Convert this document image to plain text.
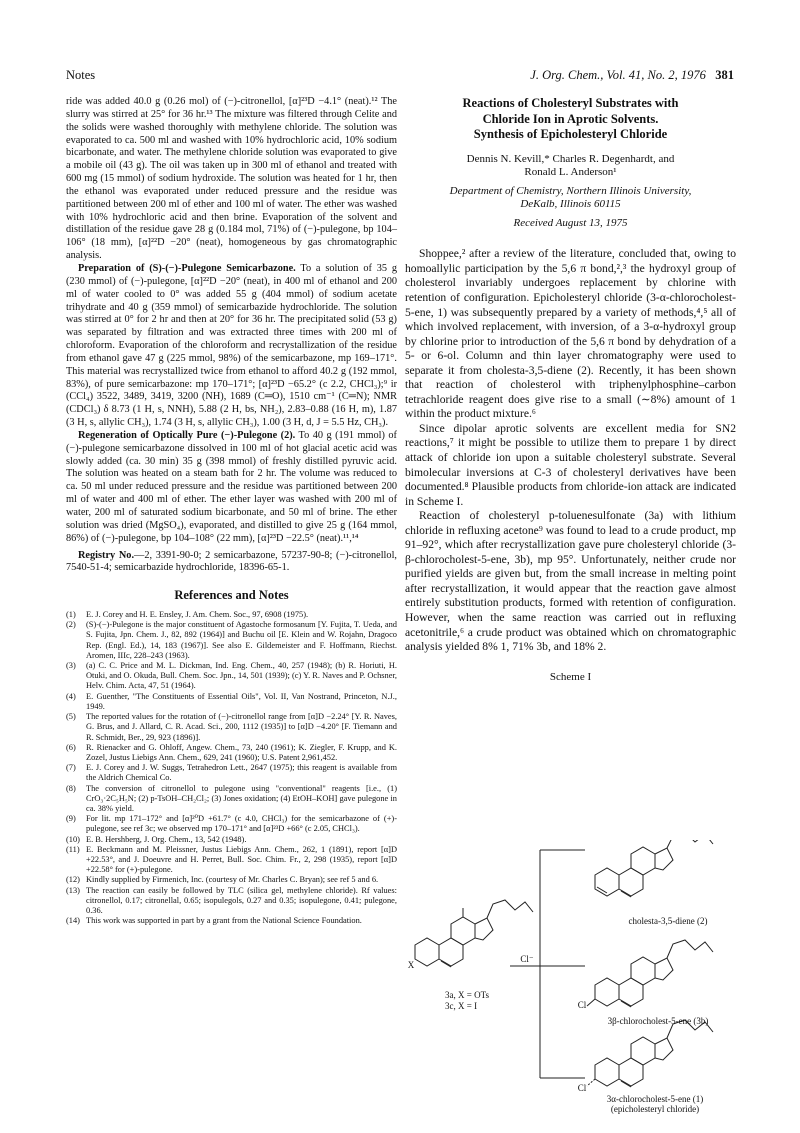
Notes	J. Org. Chem., Vol. 41, No. 2, 1976 381

ride was added 40.0 g (0.26 mol) of (−)-citronellol, [α]²³D −4.1° (neat).¹² The slurry was stirred at 25° for 36 hr.¹³ The mixture was filtered through Celite and the solids were washed thoroughly with methylene chloride. The solution was evaporated to ca. 500 ml and washed with 10% hydrochloric acid, 10% sodium bicarbonate, and water. The methylene chloride solution was evaporated to give a mobile oil (43 g). The oil was taken up in 300 ml of ethanol and treated with 600 mg (15 mmol) of sodium hydroxide. The solution was heated for 1 hr, then the ethanol was evaporated under reduced pressure and the residue was partitioned between 200 ml of ether and 100 ml of water. The ether was washed with 10% hydrochloric acid and then brine. Evaporation of the solvent and distillation of the residue gave 28 g (0.184 mol, 71%) of (−)-pulegone, bp 104–106° (18 mm), [α]²²D −20° (neat), homogeneous by gas chromatographic analysis.

Preparation of (S)-(−)-Pulegone Semicarbazone. To a solution of 35 g (230 mmol) of (−)-pulegone, [α]²²D −20° (neat), in 400 ml of ethanol and 200 ml of water cooled to 0° was added 55 g (404 mmol) of sodium acetate trihydrate and 40 g (359 mmol) of semicarbazide hydrochloride. The solution was stirred at 0° for 2 hr and then at 20° for 36 hr. The precipitated solid (53 g) was separated by filtration and was extracted three times with 200 ml of chloroform. Evaporation of the chloroform and recrystallization of the residue from ethanol gave 47 g (225 mmol, 98%) of the semicarbazone, mp 169–171°. This material was recrystallized twice from ethanol to afford 40.2 g (192 mmol, 83%), of pure semicarbazone: mp 170–171°; [α]²³D −65.2° (c 2.2, CHCl₃);⁹ ir (CCl₄) 3522, 3489, 3419, 3200 (NH), 1689 (C═O), 1510 cm⁻¹ (C═N); NMR (CDCl₃) δ 8.73 (1 H, s, NNH), 5.88 (2 H, bs, NH₂), 2.83–0.88 (16 H, m), 1.87 (3 H, s, allylic CH₃), 1.74 (3 H, s, allylic CH₃), 1.00 (3 H, d, J = 5.5 Hz, CH₃).

Regeneration of Optically Pure (−)-Pulegone (2). To 40 g (191 mmol) of (−)-pulegone semicarbazone dissolved in 100 ml of hot glacial acetic acid was slowly added (ca. 30 min) 35 g (398 mmol) of freshly distilled pyruvic acid. The solution was heated on a steam bath for 2 hr. The volume was reduced to ca. 50 ml under reduced pressure and the residue was partitioned between 200 ml of water and 400 ml of ether. The ether layer was washed with 200 ml of water, 200 ml of saturated sodium bicarbonate, and 50 ml of brine. The ether solution was dried (MgSO₄), evaporated, and distilled to give 25 g (164 mmol, 86%) of (−)-pulegone, bp 104–108° (22 mm), [α]²³D −22.5° (neat).¹¹,¹⁴

Registry No.—2, 3391-90-0; 2 semicarbazone, 57237-90-8; (−)-citronellol, 7540-51-4; semicarbazide hydrochloride, 18396-65-1.

References and Notes
(1)	E. J. Corey and H. E. Ensley, J. Am. Chem. Soc., 97, 6908 (1975).
(2)	(S)-(−)-Pulegone is the major constituent of Agastoche formosanum [Y. Fujita, T. Ueda, and S. Fujita, Jpn. Chem. J., 82, 892 (1964)] and Buchu oil [E. Klein and W. Rojahn, Dragoco Rep. (Engl. Ed.), 14, 183 (1967)]. See also E. Gildemeister and F. Hoffmann, Riechst. Aromen, IIIc, 228–243 (1963).
(3)	(a) C. C. Price and M. L. Dickman, Ind. Eng. Chem., 40, 257 (1948); (b) R. Horiuti, H. Otuki, and O. Okuda, Bull. Chem. Soc. Jpn., 14, 501 (1939); (c) Y. R. Naves and P. Ochsner, Helv. Chim. Acta, 47, 51 (1964).
(4)	E. Guenther, "The Constituents of Essential Oils", Vol. II, Van Nostrand, Princeton, N.J., 1949.
(5)	The reported values for the rotation of (−)-citronellol range from [α]D −2.24° [Y. R. Naves, G. Brus, and J. Allard, C. R. Acad. Sci., 200, 1112 (1935)] to [α]D −4.20° [F. Tiemann and R. Schmidt, Ber., 29, 923 (1896)].
(6)	R. Rienacker and G. Ohloff, Angew. Chem., 73, 240 (1961); K. Ziegler, F. Krupp, and K. Zozel, Justus Liebigs Ann. Chem., 629, 241 (1960); U.S. Patent 2,961,452.
(7)	E. J. Corey and J. W. Suggs, Tetrahedron Lett., 2647 (1975); this reagent is available from the Aldrich Chemical Co.
(8)	The conversion of citronellol to pulegone using "conventional" reagents [i.e., (1) CrO₃·2C₅H₅N; (2) p-TsOH–CH₂Cl₂; (3) Jones oxidation; (4) EtOH–KOH] gave pulegone in ca. 38% yield.
(9)	For lit. mp 171–172° and [α]²⁰D +61.7° (c 4.0, CHCl₃) for the semicarbazone of (+)-pulegone, see ref 3c; we observed mp 170–171° and [α]²³D +66° (c 2.05, CHCl₃).
(10) E. B. Hershberg, J. Org. Chem., 13, 542 (1948).
(11) E. Beckmann and M. Pleissner, Justus Liebigs Ann. Chem., 262, 1 (1891), report [α]D +22.53°, and J. Doeuvre and H. Perret, Bull. Soc. Chim. Fr., 2, 298 (1935), report [α]D +22.58° for (+)-pulegone.
(12) Kindly supplied by Firmenich, Inc. (courtesy of Mr. Charles C. Bryan); see ref 5 and 6.
(13) The reaction can easily be followed by TLC (silica gel, methylene chloride). Rf values: citronellol, 0.17; citronellal, 0.65; isopulegols, 0.27 and 0.35; isopulegone, 0.41; pulegone, 0.36.
(14) This work was supported in part by a grant from the National Science Foundation.
Reactions of Cholesteryl Substrates with
Chloride Ion in Aprotic Solvents.
Synthesis of Epicholesteryl Chloride
Dennis N. Kevill,* Charles R. Degenhardt, and
Ronald L. Anderson¹
Department of Chemistry, Northern Illinois University,
DeKalb, Illinois 60115
Received August 13, 1975

Shoppee,² after a review of the literature, concluded that, owing to homoallylic participation by the 5,6 π bond,²,³ the hydroxyl group of cholesterol invariably undergoes replacement by chlorine with retention of configuration. Epicholesteryl chloride (3-α-chlorocholest-5-ene, 1) was subsequently prepared by a variety of methods,⁴,⁵ all of which involved replacement, with inversion, of a 3-α-hydroxyl group by chlorine prior to introduction of the 5,6 π bond by dehydration of a 5- or 6-ol. Column and thin layer chromatography were used to separate it from cholesta-3,5-diene (2). Recently, it has been shown that reaction of cholesterol with triphenylphosphine–carbon tetrachloride reagent does give rise to a small (∼8%) amount of 1 within the product mixture.⁶

Since dipolar aprotic solvents are excellent media for SN2 reactions,⁷ it might be possible to utilize them to prepare 1 by direct attack of chloride ion upon a suitable cholesteryl substrate. Several bimolecular inversions at C-3 of cholesteryl derivatives have been documented.⁸ Plausible products from chloride-ion attack are indicated in Scheme I.

Reaction of cholesteryl p-toluenesulfonate (3a) with lithium chloride in refluxing acetone⁹ was found to lead to a crude product, mp 91–92°, which after recrystallization gave pure cholesteryl chloride (3-β-chlorocholest-5-ene, 3b), mp 95°. Unfortunately, neither crude nor purified yields are given but, from the small increase in melting point after recrystallization, it would appear that the reaction gave almost entirely substitution products, formed with retention of configuration. However, when the same reaction was carried out in refluxing acetonitrile,⁶ a crude product was obtained which on chromatographic analysis yielded 8% 1, 71% 3b, and 18% 2.

Scheme I
cholesta-3,5-diene (2)
3β-chlorocholest-5-ene (3b)
3α-chlorocholest-5-ene (1)
(epicholesteryl chloride)
3a, X = OTs
3c, X = I
X
Cl
Cl
Cl⁻
